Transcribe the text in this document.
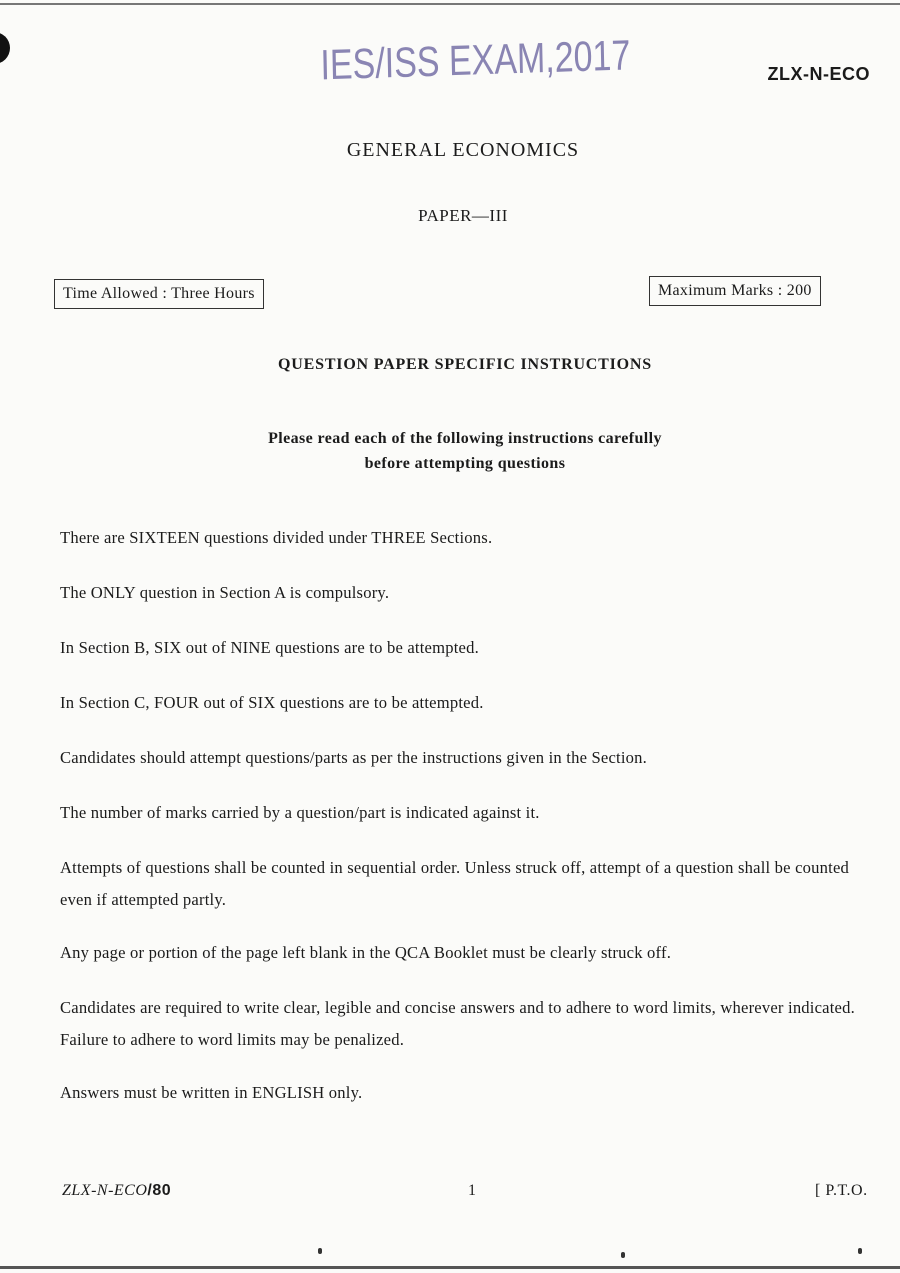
IES/ISS EXAM,2017	ZLX-N-ECO
GENERAL ECONOMICS
PAPER—III
Time Allowed : Three Hours	Maximum Marks : 200
QUESTION PAPER SPECIFIC INSTRUCTIONS
Please read each of the following instructions carefully
before attempting questions
There are SIXTEEN questions divided under THREE Sections.
The ONLY question in Section A is compulsory.
In Section B, SIX out of NINE questions are to be attempted.
In Section C, FOUR out of SIX questions are to be attempted.
Candidates should attempt questions/parts as per the instructions given in the Section.
The number of marks carried by a question/part is indicated against it.
Attempts of questions shall be counted in sequential order. Unless struck off, attempt of a question shall be counted even if attempted partly.
Any page or portion of the page left blank in the QCA Booklet must be clearly struck off.
Candidates are required to write clear, legible and concise answers and to adhere to word limits, wherever indicated. Failure to adhere to word limits may be penalized.
Answers must be written in ENGLISH only.
ZLX-N-ECO/80	1	[ P.T.O.
